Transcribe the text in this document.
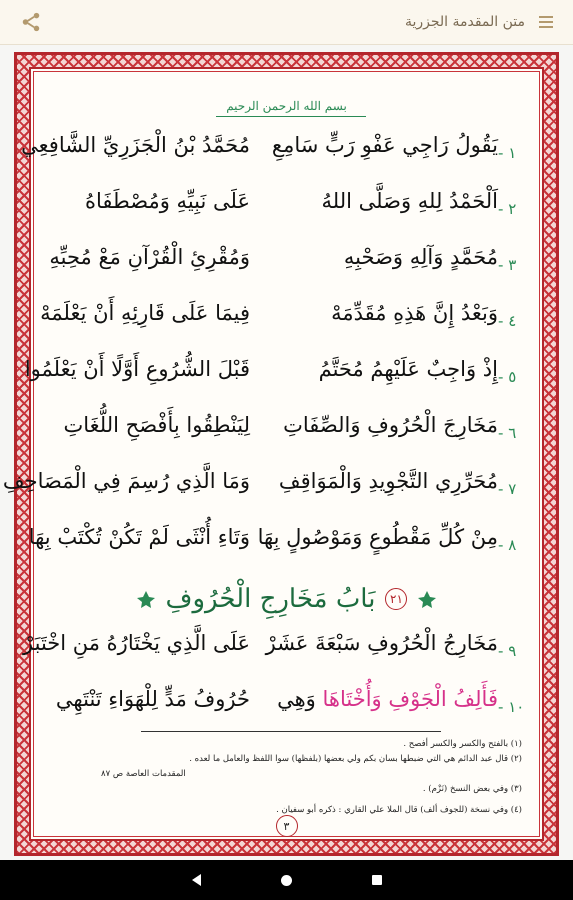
متن المقدمة الجزرية
بسم الله الرحمن الرحيم
١ -
يَقُولُ رَاجِي عَفْوِ رَبٍّ سَامِعِ
مُحَمَّدُ بْنُ الْجَزَرِيِّ الشَّافِعِي
٢ -
اَلْحَمْدُ لِلهِ وَصَلَّى اللهُ
عَلَى نَبِيِّهِ وَمُصْطَفَاهُ
٣ -
مُحَمَّدٍ وَآلِهِ وَصَحْبِهِ
وَمُقْرِئِ الْقُرْآنِ مَعْ مُحِبِّهِ
٤ -
وَبَعْدُ إِنَّ هَذِهِ مُقَدِّمَهْ
فِيمَا عَلَى قَارِئِهِ أَنْ يَعْلَمَهْ
٥ -
إِذْ وَاجِبٌ عَلَيْهِمُ مُحَتَّمُ
قَبْلَ الشُّرُوعِ أَوَّلًا أَنْ يَعْلَمُوا
٦ -
مَخَارِجَ الْحُرُوفِ وَالصِّفَاتِ
لِيَنْطِقُوا بِأَفْصَحِ اللُّغَاتِ
٧ -
مُحَرِّرِي التَّجْوِيدِ وَالْمَوَاقِفِ
وَمَا الَّذِي رُسِمَ فِي الْمَصَاحِفِ
٨ -
مِنْ كُلِّ مَقْطُوعٍ وَمَوْصُولٍ بِهَا
وَتَاءِ أُنْثَى لَمْ تَكُنْ تُكْتَبْ بِهَا
٢١
بَابُ مَخَارِجِ الْحُرُوفِ
٩ -
مَخَارِجُ الْحُرُوفِ سَبْعَةَ عَشَرْ
عَلَى الَّذِي يَخْتَارُهُ مَنِ اخْتَبَرْ
١٠ -
فَأَلِفُ الْجَوْفِ وَأُخْتَاهَا وَهِي
حُرُوفُ مَدٍّ لِلْهَوَاءِ تَنْتَهِي
(١) بالفتح والكسر والكسر أفصح .
(٢) قال عبد الدائم هي التي ضبطها بسان بكم ولي بعضها (بلفظها) سوا اللفظ والعامل ما لعده .
المقدمات العاصة ص ٨٧
(٣) وفي بعض النسخ (نَزْم) .
(٤) وفي نسخة (للجوف ألف) قال الملا علي القاري : ذكره أبو سفيان .
٣
